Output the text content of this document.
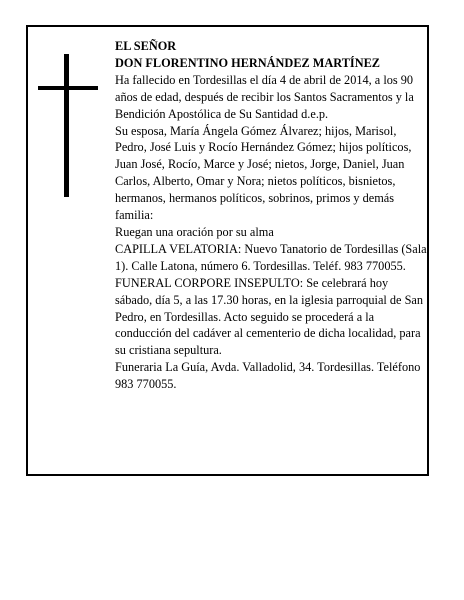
EL SEÑOR

DON FLORENTINO HERNÁNDEZ MARTÍNEZ

Ha fallecido en Tordesillas el día 4 de abril de 2014, a los 90 años de edad, después de recibir los Santos Sacramentos y la Bendición Apostólica de Su Santidad d.e.p.

Su esposa, María Ángela Gómez Álvarez; hijos, Marisol, Pedro, José Luis y Rocío Hernández Gómez; hijos políticos, Juan José, Rocío, Marce y José; nietos, Jorge, Daniel, Juan Carlos, Alberto, Omar y Nora; nietos políticos, bisnietos, hermanos, hermanos políticos, sobrinos, primos y demás familia:

Ruegan una oración por su alma

CAPILLA VELATORIA: Nuevo Tanatorio de Tordesillas (Sala 1). Calle Latona, número 6. Tordesillas. Teléf. 983 770055.

FUNERAL CORPORE INSEPULTO: Se celebrará hoy sábado, día 5, a las 17.30 horas, en la iglesia parroquial de San Pedro, en Tordesillas. Acto seguido se procederá a la conducción del cadáver al cementerio de dicha localidad, para su cristiana sepultura.

Funeraria La Guía, Avda. Valladolid, 34. Tordesillas. Teléfono 983 770055.
